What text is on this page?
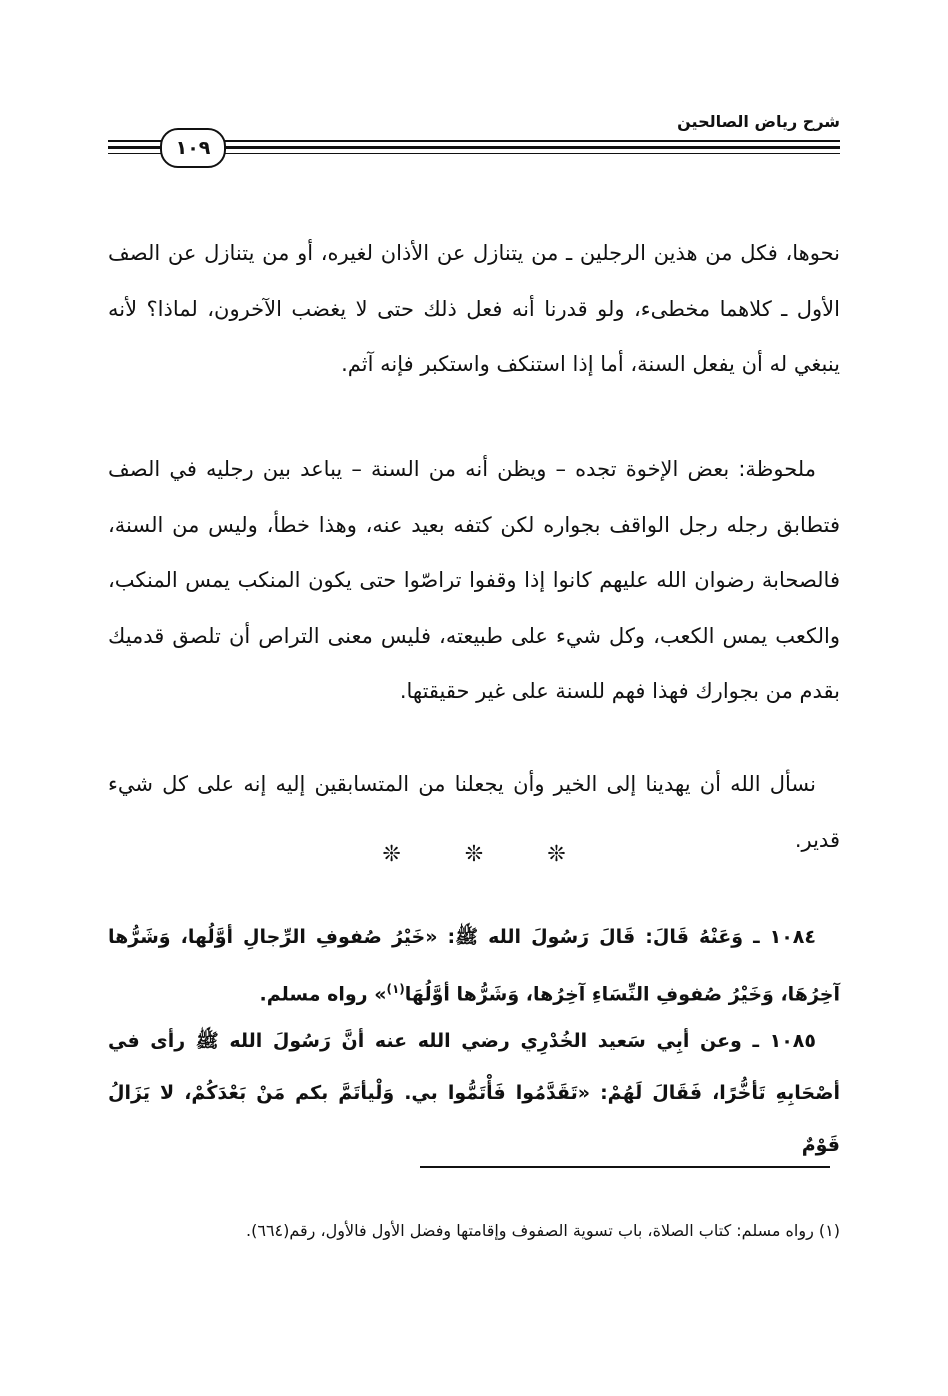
شرح رياض الصالحين
١٠٩

نحوها، فكل من هذين الرجلين ـ من يتنازل عن الأذان لغيره، أو من يتنازل عن الصف الأول ـ كلاهما مخطىء، ولو قدرنا أنه فعل ذلك حتى لا يغضب الآخرون، لماذا؟ لأنه ينبغي له أن يفعل السنة، أما إذا استنكف واستكبر فإنه آثم.

ملحوظة: بعض الإخوة تجده – ويظن أنه من السنة – يباعد بين رجليه في الصف فتطابق رجله رجل الواقف بجواره لكن كتفه بعيد عنه، وهذا خطأ، وليس من السنة، فالصحابة رضوان الله عليهم كانوا إذا وقفوا تراصّوا حتى يكون المنكب يمس المنكب، والكعب يمس الكعب، وكل شيء على طبيعته، فليس معنى التراص أن تلصق قدميك بقدم من بجوارك فهذا فهم للسنة على غير حقيقتها.

نسأل الله أن يهدينا إلى الخير وأن يجعلنا من المتسابقين إليه إنه على كل شيء قدير.

❊	❊	❊

١٠٨٤ ـ وَعَنْهُ قَالَ: قَالَ رَسُولَ الله ﷺ: «خَيْرُ صُفوفِ الرِّجالِ أوَّلُها، وَشَرُّها آخِرُهَا، وَخَيْرُ صُفوفِ النِّسَاءِ آخِرُها، وَشَرُّها أوَّلُهَا$^{(١)}$» رواه مسلم.

١٠٨٥ ـ وعن أبِي سَعيد الخُدْرِي رضي الله عنه أنَّ رَسُولَ الله ﷺ رأى في أصْحَابِهِ تَأخُّرًا، فَقَالَ لَهُمْ: «تَقَدَّمُوا فَأْتَمُّوا بي. وَلْيأتَمَّ بكم مَنْ بَعْدَكُمْ، لا يَزَالُ قَوْمٌ

(١) رواه مسلم: كتاب الصلاة، باب تسوية الصفوف وإقامتها وفضل الأول فالأول، رقم(٦٦٤).
